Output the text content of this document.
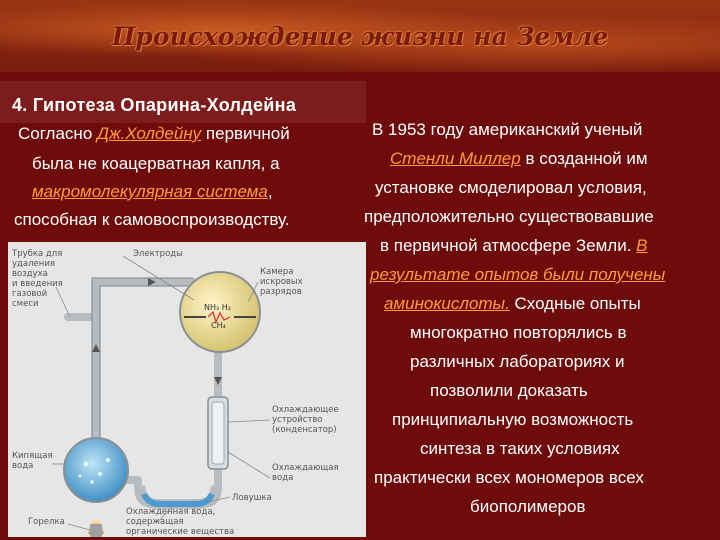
Происхождение жизни на Земле
4. Гипотеза Опарина-Холдейна
Согласно Дж.Холдейну первичной
была не коацерватная капля, а
макромолекулярная система,
способная к самовоспроизводству.
В 1953 году американский ученый
Стенли Миллер в созданной им
установке смоделировал условия,
предположительно существовавшие
в первичной атмосфере Земли. В
результате опытов были получены
аминокислоты. Сходные опыты
многократно повторялись в
различных лабораториях и
позволили доказать
принципиальную возможность
синтеза в таких условиях
практически всех мономеров всех
биополимеров
NH₃ H₂
CH₄
Электроды
Трубка для
удаления
воздуха
и введения
газовой
смеси
Камера
искровых
разрядов
Охлаждающее
устройство
(конденсатор)
Охлаждающая
вода
Кипящая
вода
Ловушка
Горелка
Охлажденная вода,
содержащая
органические вещества
